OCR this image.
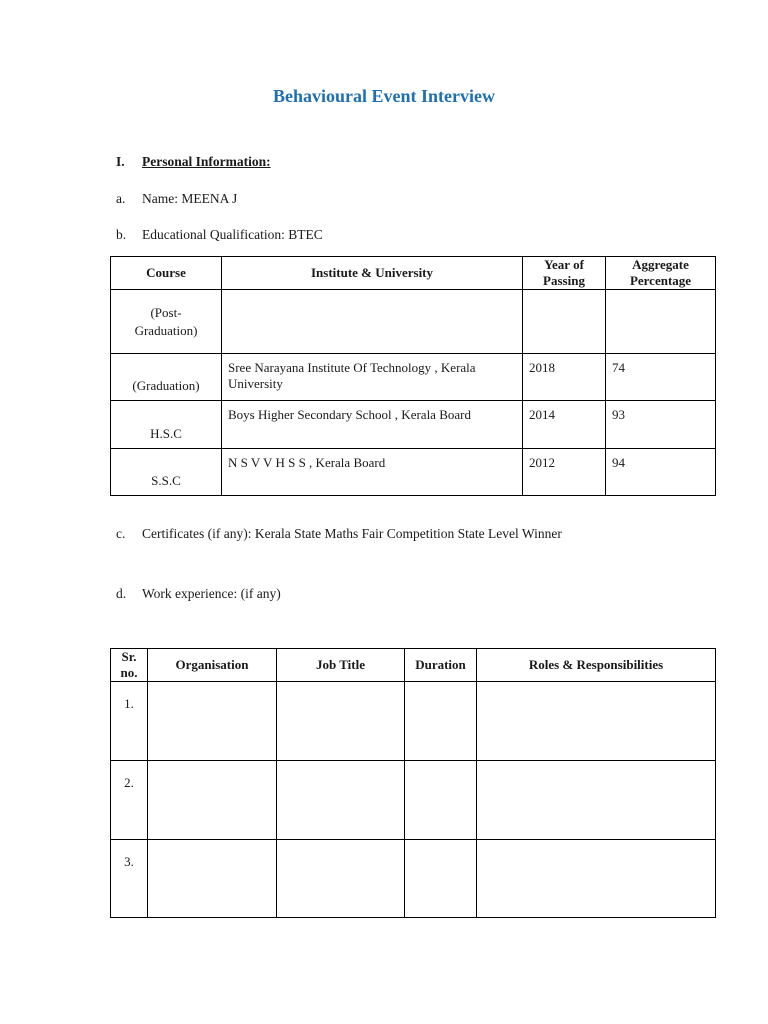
Behavioural Event Interview
I. Personal Information:
a. Name: MEENA J
b. Educational Qualification: BTEC
Course	Institute & University	Year of Passing	Aggregate Percentage
(Post-Graduation)			

(Graduation)	Sree Narayana Institute Of Technology , Kerala University	2018	74

H.S.C	Boys Higher Secondary School , Kerala Board	2014	93

S.S.C	N S V V H S S , Kerala Board	2012	94
c. Certificates (if any): Kerala State Maths Fair Competition State Level Winner
d. Work experience: (if any)
Sr. no.	Organisation	Job Title	Duration	Roles & Responsibilities
1.				
2.				
3.				
